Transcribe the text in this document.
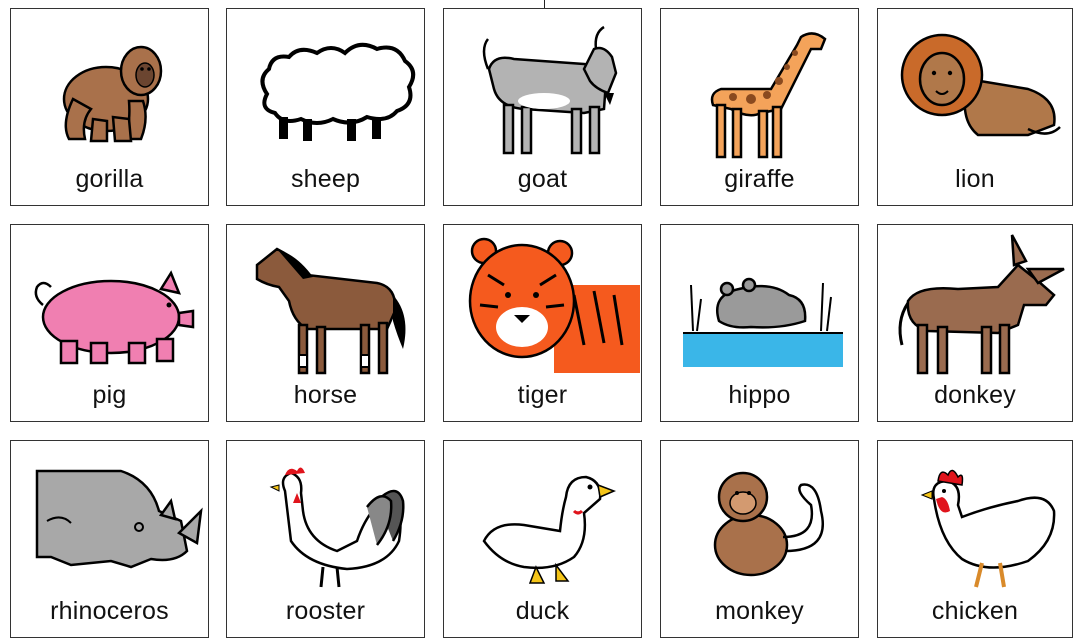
gorilla	sheep	goat	giraffe	lion
pig	horse	tiger	hippo	donkey
rhinoceros	rooster	duck	monkey	chicken
